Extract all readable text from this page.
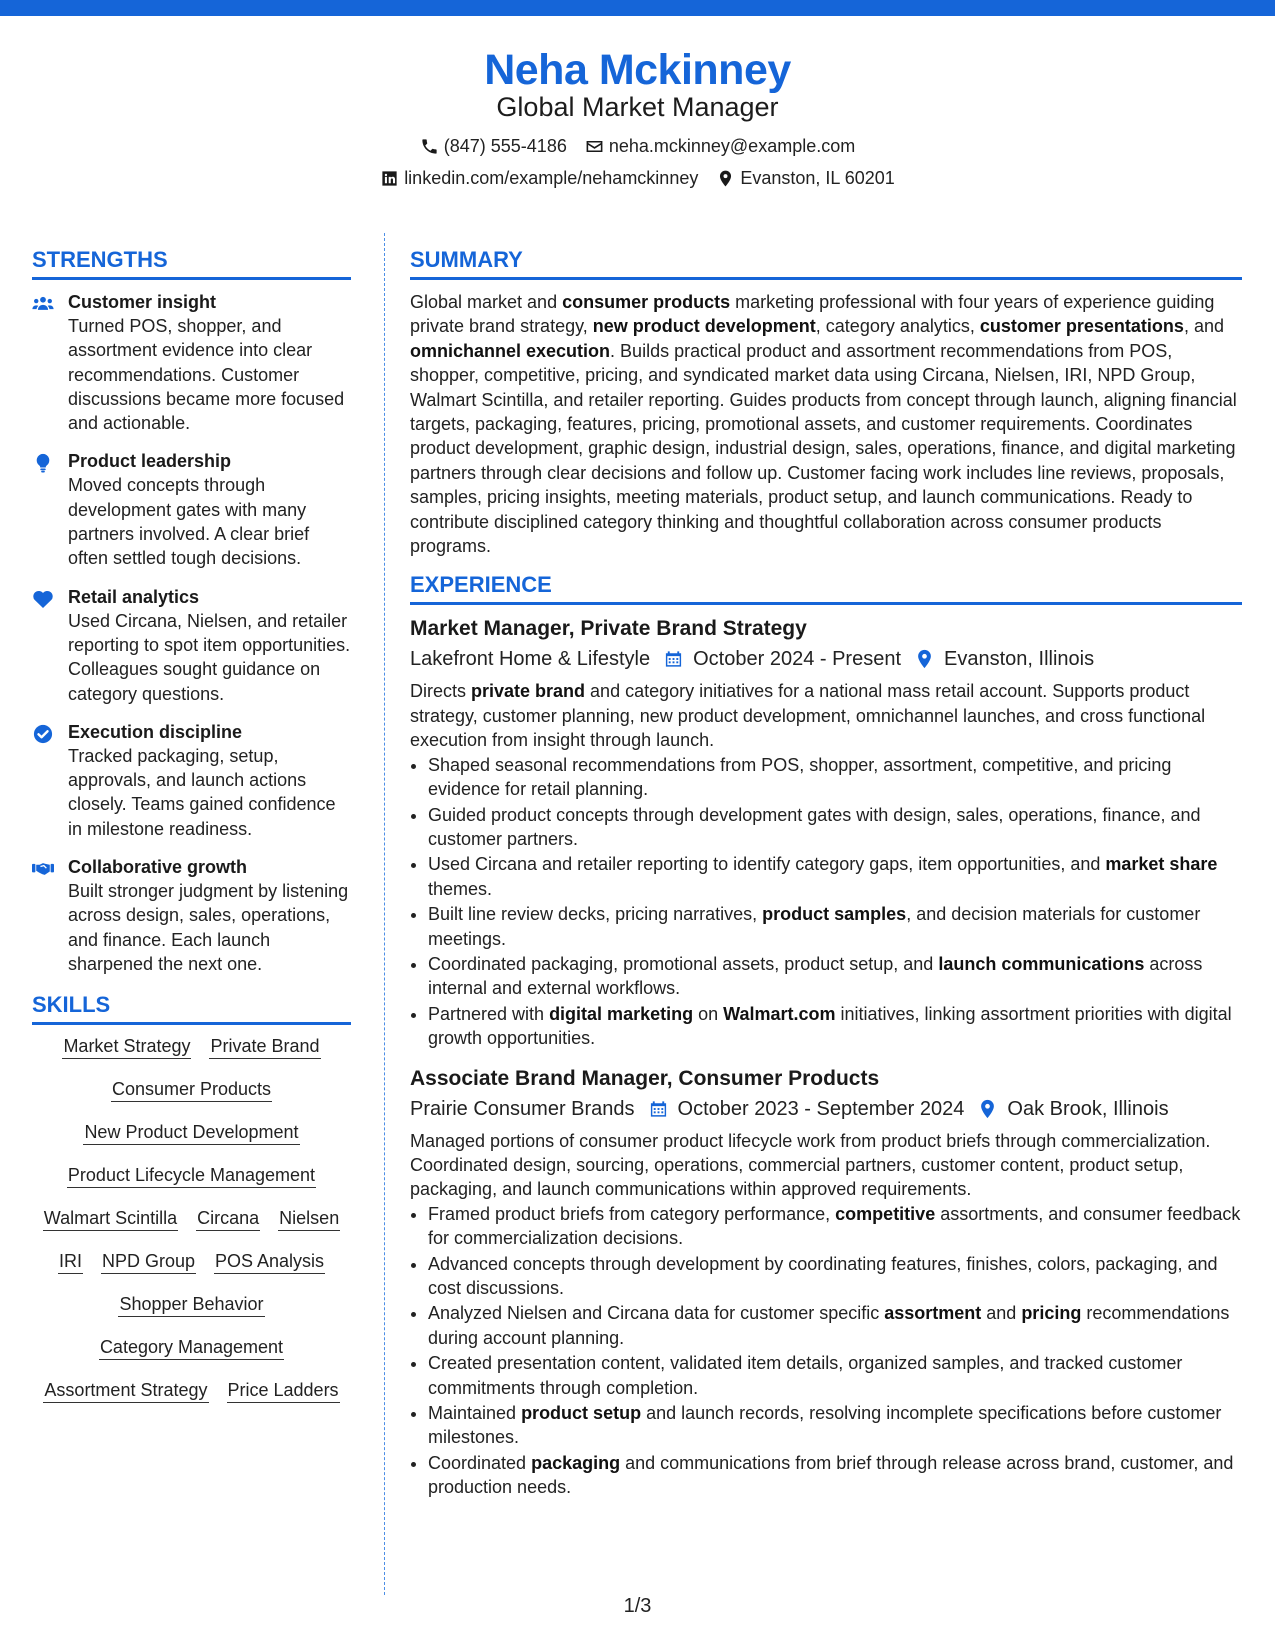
Neha Mckinney
Global Market Manager
(847) 555-4186 neha.mckinney@example.com
linkedin.com/example/nehamckinney Evanston, IL 60201
STRENGTHS
Customer insight
Turned POS, shopper, and assortment evidence into clear recommendations. Customer discussions became more focused and actionable.
Product leadership
Moved concepts through development gates with many partners involved. A clear brief often settled tough decisions.
Retail analytics
Used Circana, Nielsen, and retailer reporting to spot item opportunities. Colleagues sought guidance on category questions.
Execution discipline
Tracked packaging, setup, approvals, and launch actions closely. Teams gained confidence in milestone readiness.
Collaborative growth
Built stronger judgment by listening across design, sales, operations, and finance. Each launch sharpened the next one.
SKILLS
Market Strategy Private Brand
Consumer Products
New Product Development
Product Lifecycle Management
Walmart Scintilla Circana Nielsen
IRI NPD Group POS Analysis
Shopper Behavior
Category Management
Assortment Strategy Price Ladders
SUMMARY

Global market and consumer products marketing professional with four years of experience guiding private brand strategy, new product development, category analytics, customer presentations, and omnichannel execution. Builds practical product and assortment recommendations from POS, shopper, competitive, pricing, and syndicated market data using Circana, Nielsen, IRI, NPD Group, Walmart Scintilla, and retailer reporting. Guides products from concept through launch, aligning financial targets, packaging, features, pricing, promotional assets, and customer requirements. Coordinates product development, graphic design, industrial design, sales, operations, finance, and digital marketing partners through clear decisions and follow up. Customer facing work includes line reviews, proposals, samples, pricing insights, meeting materials, product setup, and launch communications. Ready to contribute disciplined category thinking and thoughtful collaboration across consumer products programs.

EXPERIENCE
Market Manager, Private Brand Strategy
Lakefront Home & Lifestyle October 2024 - Present Evanston, Illinois
Directs private brand and category initiatives for a national mass retail account. Supports product strategy, customer planning, new product development, omnichannel launches, and cross functional execution from insight through launch.
• Shaped seasonal recommendations from POS, shopper, assortment, competitive, and pricing evidence for retail planning.
• Guided product concepts through development gates with design, sales, operations, finance, and customer partners.
• Used Circana and retailer reporting to identify category gaps, item opportunities, and market share themes.
• Built line review decks, pricing narratives, product samples, and decision materials for customer meetings.
• Coordinated packaging, promotional assets, product setup, and launch communications across internal and external workflows.
• Partnered with digital marketing on Walmart.com initiatives, linking assortment priorities with digital growth opportunities.
Associate Brand Manager, Consumer Products
Prairie Consumer Brands October 2023 - September 2024 Oak Brook, Illinois
Managed portions of consumer product lifecycle work from product briefs through commercialization. Coordinated design, sourcing, operations, commercial partners, customer content, product setup, packaging, and launch communications within approved requirements.
• Framed product briefs from category performance, competitive assortments, and consumer feedback for commercialization decisions.
• Advanced concepts through development by coordinating features, finishes, colors, packaging, and cost discussions.
• Analyzed Nielsen and Circana data for customer specific assortment and pricing recommendations during account planning.
• Created presentation content, validated item details, organized samples, and tracked customer commitments through completion.
• Maintained product setup and launch records, resolving incomplete specifications before customer milestones.
• Coordinated packaging and communications from brief through release across brand, customer, and production needs.
1/3
